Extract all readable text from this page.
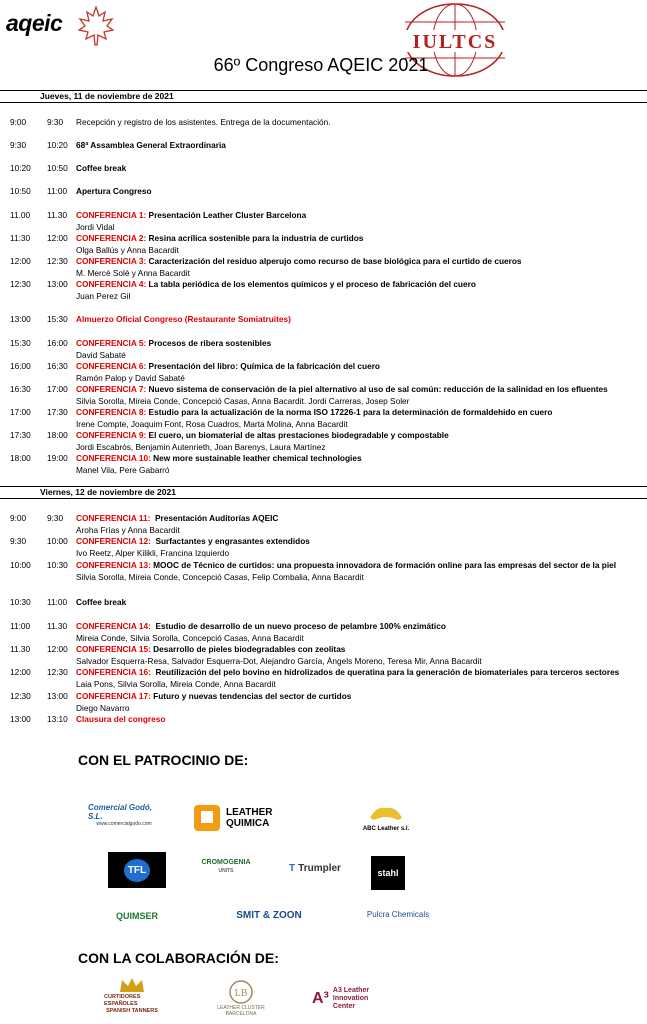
aqeic
IULTCS
66º Congreso AQEIC 2021
Jueves, 11 de noviembre de 2021
9:00	9:30 Recepción y registro de los asistentes. Entrega de la documentación.
9:30	10:20 68ª Assamblea General Extraordinaria
10:20 10:50 Coffee break
10:50 11:00 Apertura Congreso
11.00 11.30 CONFERENCIA 1: Presentación Leather Cluster Barcelona
Jordi Vidal
11:30 12:00 CONFERENCIA 2: Resina acrílica sostenible para la industria de curtidos
Olga Ballús y Anna Bacardit
12:00 12:30 CONFERENCIA 3: Caracterización del residuo alperujo como recurso de base biológica para el curtido de cueros
M. Mercè Solé y Anna Bacardit
12:30 13:00 CONFERENCIA 4: La tabla periódica de los elementos químicos y el proceso de fabricación del cuero
Juan Perez Gil
13:00 15:30 Almuerzo Oficial Congreso (Restaurante Somiatruites)
15:30 16:00 CONFERENCIA 5: Procesos de ribera sostenibles
David Sabaté
16:00 16:30 CONFERENCIA 6: Presentación del libro: Química de la fabricación del cuero
Ramón Palop y David Sabaté
16:30 17:00 CONFERENCIA 7: Nuevo sistema de conservación de la piel alternativo al uso de sal común: reducción de la salinidad en los efluentes
Silvia Sorolla, Mireia Conde, Concepció Casas, Anna Bacardit. Jordi Carreras, Josep Soler
17:00 17:30 CONFERENCIA 8: Estudio para la actualización de la norma ISO 17226-1 para la determinación de formaldehido en cuero
Irene Compte, Joaquim Font, Rosa Cuadros, Marta Molina, Anna Bacardit
17:30 18:00 CONFERENCIA 9: El cuero, un biomaterial de altas prestaciones biodegradable y compostable
Jordi Escabrós, Benjamin Autenrieth, Joan Barenys, Laura Martínez
18:00 19:00 CONFERENCIA 10: New more sustainable leather chemical technologies
Manel Vila, Pere Gabarró
Viernes, 12 de noviembre de 2021
9:00	9:30 CONFERENCIA 11:  Presentación Auditorías AQEIC
Aroha Frías y Anna Bacardit
9:30	10:00 CONFERENCIA 12:  Surfactantes y engrasantes extendidos
Ivo Reetz, Alper Kilikli, Francina Izquierdo
10:00 10:30 CONFERENCIA 13: MOOC de Técnico de curtidos: una propuesta innovadora de formación online para las empresas del sector de la piel
Silvia Sorolla, Mireia Conde, Concepció Casas, Felip Combalia, Anna Bacardit
10:30 11:00 Coffee break
11:00 11.30 CONFERENCIA 14:  Estudio de desarrollo de un nuevo proceso de pelambre 100% enzimático
Mireia Conde, Silvia Sorolla, Concepció Casas, Anna Bacardit
11.30 12:00 CONFERENCIA 15: Desarrollo de pieles biodegradables con zeolitas
Salvador Esquerra-Resa, Salvador Esquerra-Dot, Alejandro García, Àngels Moreno, Teresa Mir, Anna Bacardit
12:00 12:30 CONFERENCIA 16:  Reutilización del pelo bovino en hidrolizados de queratina para la generación de biomateriales para terceros sectores
Laia Pons, Silvia Sorolla, Mireia Conde, Anna Bacardit
12:30 13:00 CONFERENCIA 17: Futuro y nuevas tendencias del sector de curtidos
Diego Navarro
13:00 13:10 Clausura del congreso
CON EL PATROCINIO DE:
Comercial Godó, S.L.
www.comercialgodo.com
LEATHER
QUIMICA	ABC Leather s.l.
TFL
CROMOGENIA
UNITS	T Trumpler	stahl
QUIMSER	SMIT & ZOON	Pulcra Chemicals
CON LA COLABORACIÓN DE:
CURTIDORES ESPAÑOLES
SPANISH TANNERS
LB
LEATHER CLUSTER
BARCELONA
A³ A3 Leather Innovation Center
